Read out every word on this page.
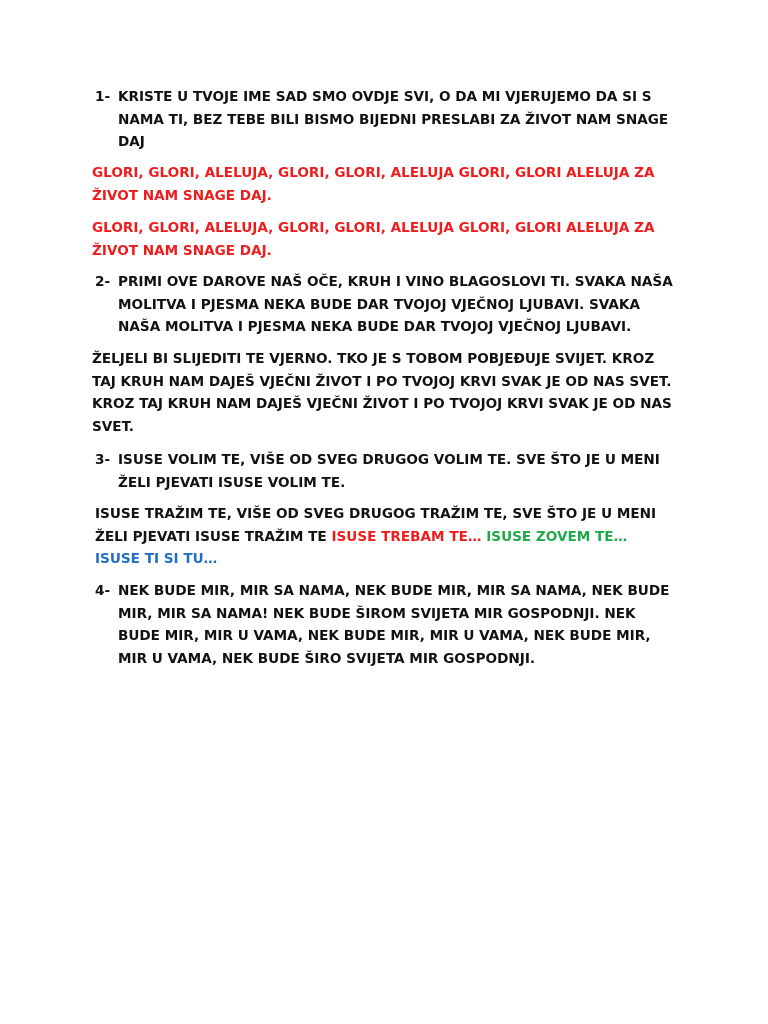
1- KRISTE U TVOJE IME SAD SMO OVDJE SVI, O DA MI VJERUJEMO DA SI S NAMA TI, BEZ TEBE BILI BISMO BIJEDNI PRESLABI ZA ŽIVOT NAM SNAGE DAJ
GLORI, GLORI, ALELUJA, GLORI, GLORI, ALELUJA GLORI, GLORI ALELUJA ZA ŽIVOT NAM SNAGE DAJ.
GLORI, GLORI, ALELUJA, GLORI, GLORI, ALELUJA GLORI, GLORI ALELUJA ZA ŽIVOT NAM SNAGE DAJ.
2- PRIMI OVE DAROVE NAŠ OČE, KRUH I VINO BLAGOSLOVI TI. SVAKA NAŠA MOLITVA I PJESMA NEKA BUDE DAR TVOJOJ VJEČNOJ LJUBAVI. SVAKA NAŠA MOLITVA I PJESMA NEKA BUDE DAR TVOJOJ VJEČNOJ LJUBAVI.
ŽELJELI BI SLIJEDITI TE VJERNO. TKO JE S TOBOM POBJEĐUJE SVIJET. KROZ TAJ KRUH NAM DAJEŠ VJEČNI ŽIVOT I PO TVOJOJ KRVI SVAK JE OD NAS SVET. KROZ TAJ KRUH NAM DAJEŠ VJEČNI ŽIVOT I PO TVOJOJ KRVI SVAK JE OD NAS SVET.
3- ISUSE VOLIM TE, VIŠE OD SVEG DRUGOG VOLIM TE. SVE ŠTO JE U MENI ŽELI PJEVATI ISUSE VOLIM TE.
ISUSE TRAŽIM TE, VIŠE OD SVEG DRUGOG TRAŽIM TE, SVE ŠTO JE U MENI ŽELI PJEVATI ISUSE TRAŽIM TE ISUSE TREBAM TE… ISUSE ZOVEM TE… ISUSE TI SI TU…
4- NEK BUDE MIR, MIR SA NAMA, NEK BUDE MIR, MIR SA NAMA, NEK BUDE MIR, MIR SA NAMA! NEK BUDE ŠIROM SVIJETA MIR GOSPODNJI. NEK BUDE MIR, MIR U VAMA, NEK BUDE MIR, MIR U VAMA, NEK BUDE MIR, MIR U VAMA, NEK BUDE ŠIRO SVIJETA MIR GOSPODNJI.
